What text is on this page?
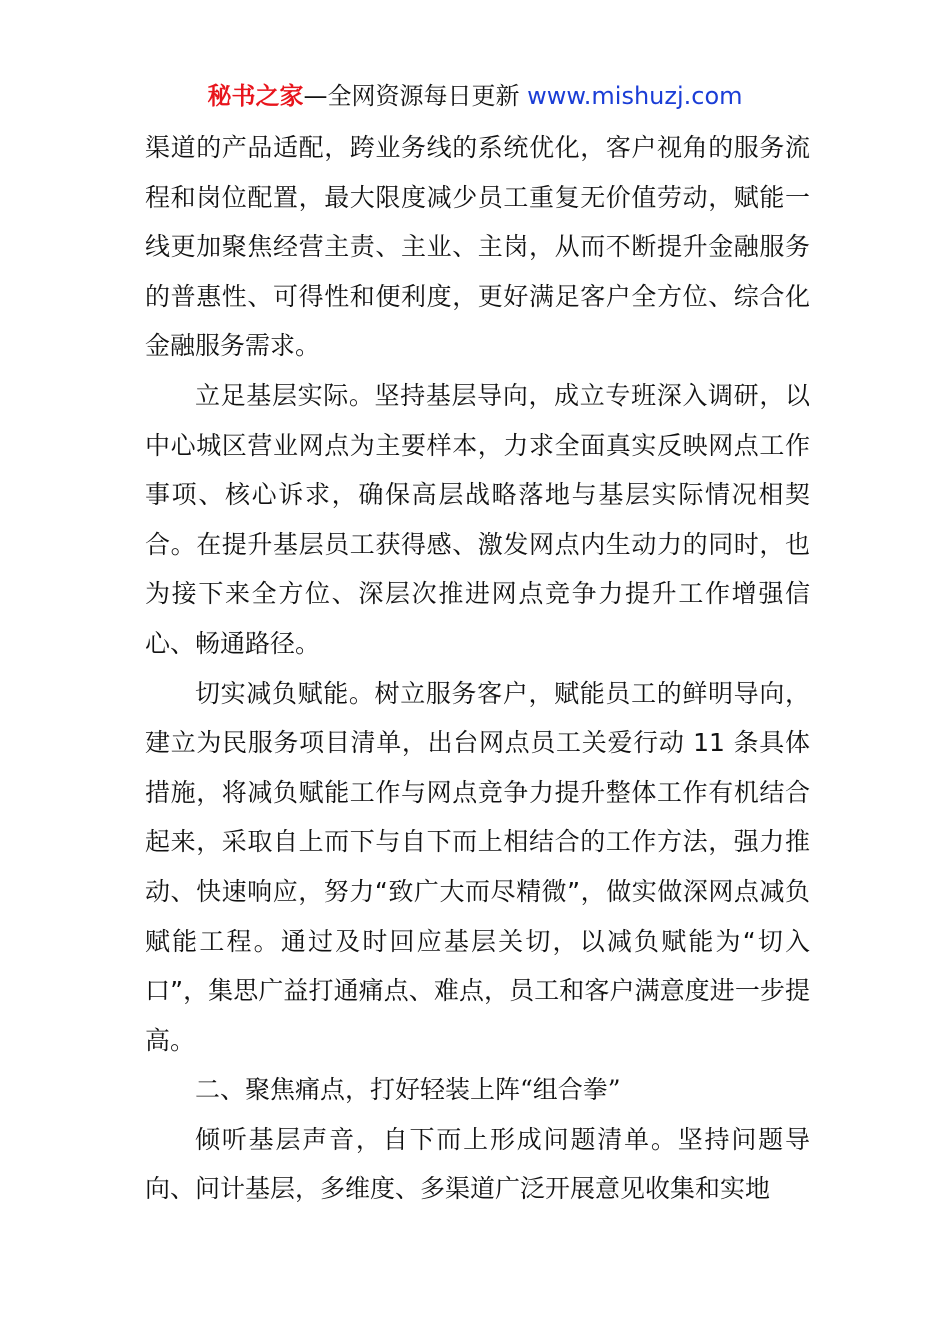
秘书之家—全网资源每日更新 www.mishuzj.com

渠道的产品适配，跨业务线的系统优化，客户视角的服务流程和岗位配置，最大限度减少员工重复无价值劳动，赋能一线更加聚焦经营主责、主业、主岗，从而不断提升金融服务的普惠性、可得性和便利度，更好满足客户全方位、综合化金融服务需求。

立足基层实际。坚持基层导向，成立专班深入调研，以中心城区营业网点为主要样本，力求全面真实反映网点工作事项、核心诉求，确保高层战略落地与基层实际情况相契合。在提升基层员工获得感、激发网点内生动力的同时，也为接下来全方位、深层次推进网点竞争力提升工作增强信心、畅通路径。

切实减负赋能。树立服务客户，赋能员工的鲜明导向，建立为民服务项目清单，出台网点员工关爱行动 11 条具体措施，将减负赋能工作与网点竞争力提升整体工作有机结合起来，采取自上而下与自下而上相结合的工作方法，强力推动、快速响应，努力“致广大而尽精微”，做实做深网点减负赋能工程。通过及时回应基层关切，以减负赋能为“切入口”，集思广益打通痛点、难点，员工和客户满意度进一步提高。

二、聚焦痛点，打好轻装上阵“组合拳”

倾听基层声音，自下而上形成问题清单。坚持问题导向、问计基层，多维度、多渠道广泛开展意见收集和实地
